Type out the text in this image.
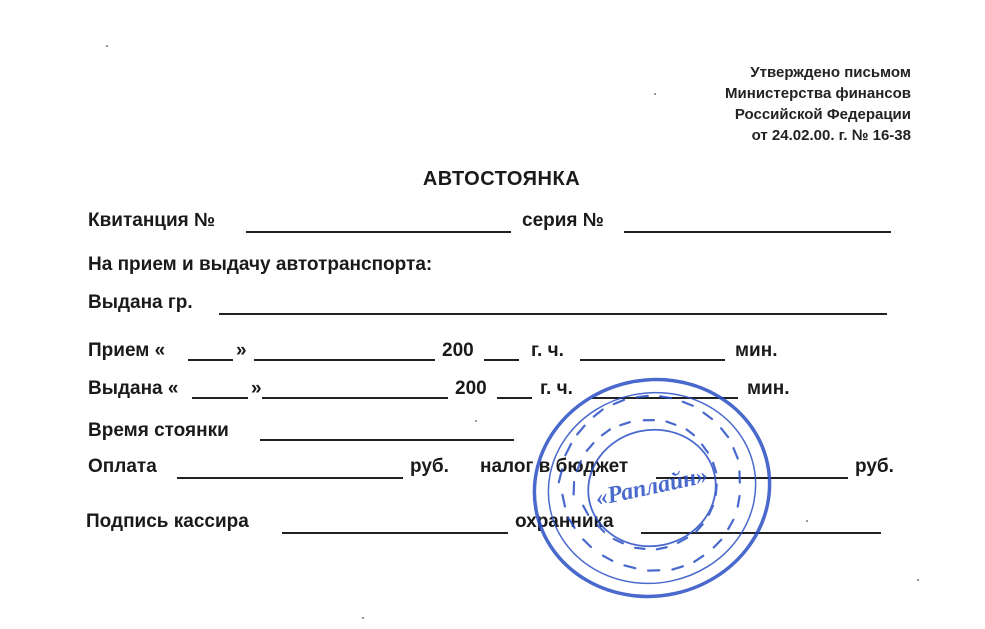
Утверждено письмом
Министерства финансов
Российской Федерации
от 24.02.00. г. № 16-38
АВТОСТОЯНКА
Квитанция №	серия №
На прием и выдачу автотранспорта:
Выдана гр.
Прием «	»	200	г. ч.	мин.
Выдана «	»	200	г. ч.	мин.
Время стоянки
Оплата	руб. налог в бюджет	руб.
Подпись кассира	охранника
«Раплайн»
